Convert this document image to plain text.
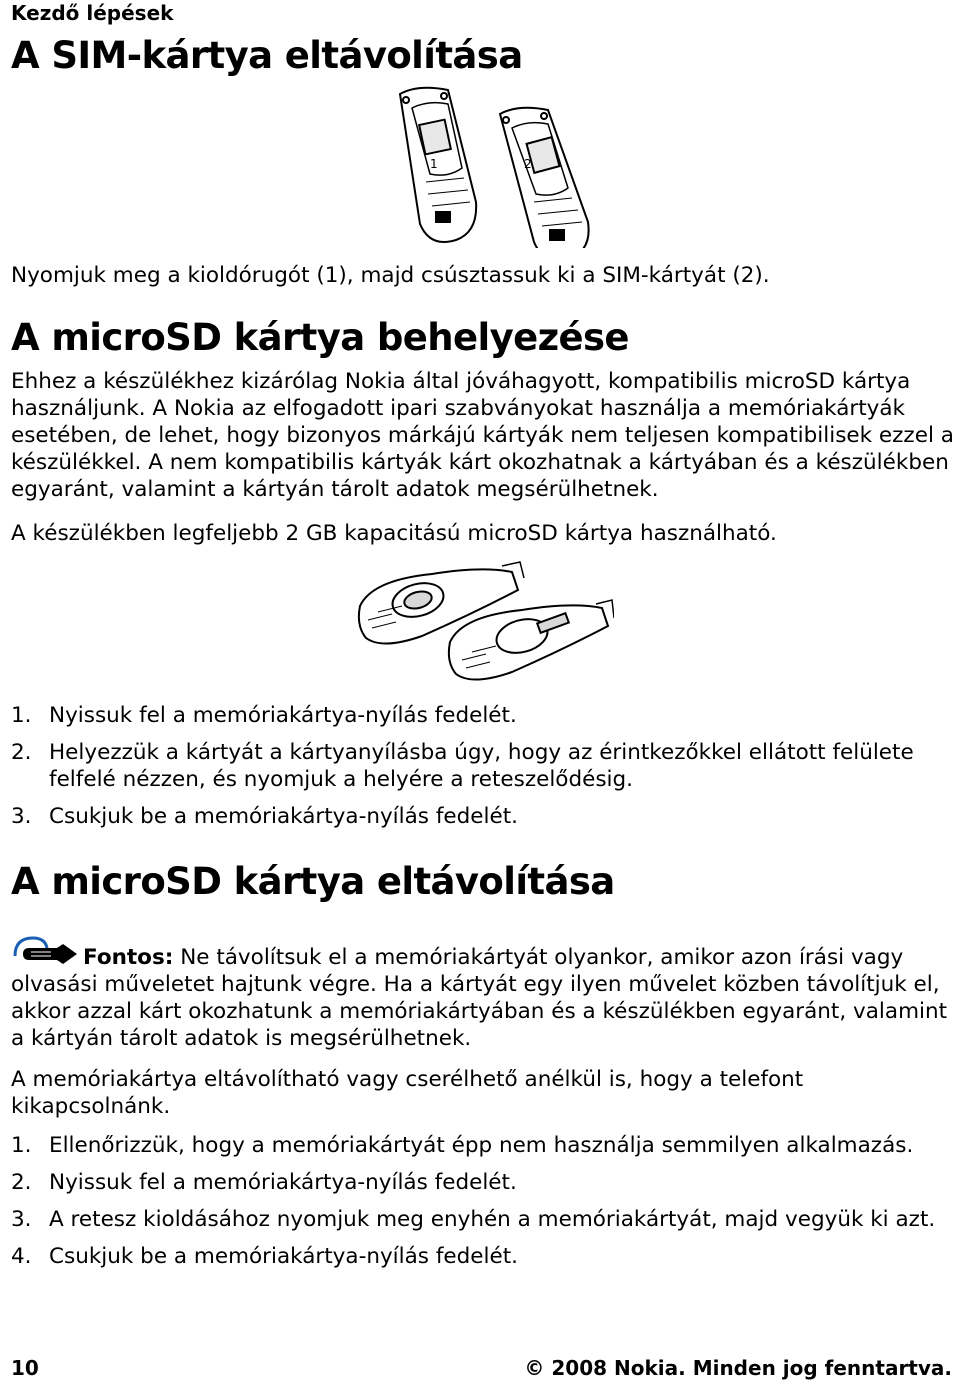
Kezdő lépések
A SIM-kártya eltávolítása
1	2

Nyomjuk meg a kioldórugót (1), majd csúsztassuk ki a SIM-kártyát (2).

A microSD kártya behelyezése

Ehhez a készülékhez kizárólag Nokia által jóváhagyott, kompatibilis microSD kártya használjunk. A Nokia az elfogadott ipari szabványokat használja a memóriakártyák esetében, de lehet, hogy bizonyos márkájú kártyák nem teljesen kompatibilisek ezzel a készülékkel. A nem kompatibilis kártyák kárt okozhatnak a kártyában és a készülékben egyaránt, valamint a kártyán tárolt adatok megsérülhetnek.

A készülékben legfeljebb 2 GB kapacitású microSD kártya használható.

1. Nyissuk fel a memóriakártya-nyílás fedelét.
2. Helyezzük a kártyát a kártyanyílásba úgy, hogy az érintkezőkkel ellátott felülete felfelé nézzen, és nyomjuk a helyére a reteszelődésig.
3. Csukjuk be a memóriakártya-nyílás fedelét.
A microSD kártya eltávolítása

Fontos: Ne távolítsuk el a memóriakártyát olyankor, amikor azon írási vagy olvasási műveletet hajtunk végre. Ha a kártyát egy ilyen művelet közben távolítjuk el, akkor azzal kárt okozhatunk a memóriakártyában és a készülékben egyaránt, valamint a kártyán tárolt adatok is megsérülhetnek.

A memóriakártya eltávolítható vagy cserélhető anélkül is, hogy a telefont kikapcsolnánk.

1. Ellenőrizzük, hogy a memóriakártyát épp nem használja semmilyen alkalmazás.
2. Nyissuk fel a memóriakártya-nyílás fedelét.
3. A retesz kioldásához nyomjuk meg enyhén a memóriakártyát, majd vegyük ki azt.
4. Csukjuk be a memóriakártya-nyílás fedelét.
10	© 2008 Nokia. Minden jog fenntartva.
